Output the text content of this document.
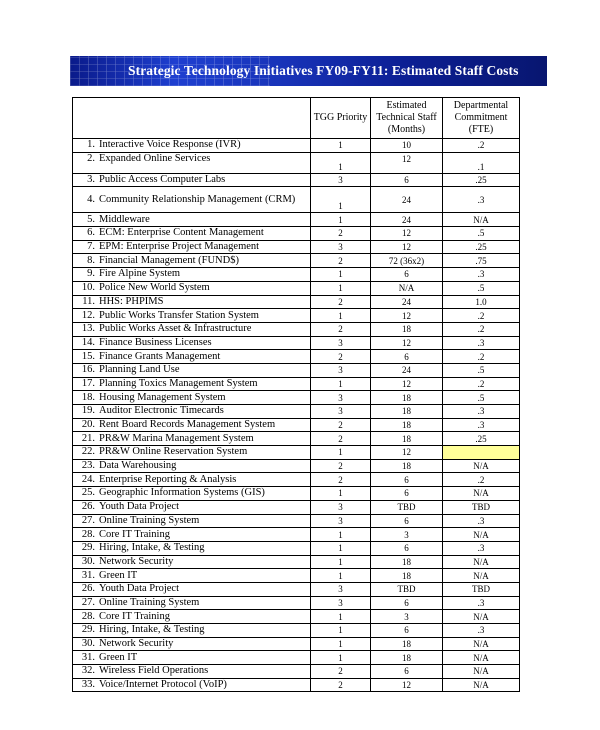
Strategic Technology Initiatives FY09-FY11: Estimated Staff Costs
	TGG Priority	Estimated Technical Staff (Months)	Departmental Commitment (FTE)
1. Interactive Voice Response (IVR)	1	10	.2
2. Expanded Online Services	1	12	.1
3. Public Access Computer Labs	3	6	.25
4. Community Relationship Management (CRM)	1	24	.3
5. Middleware	1	24	N/A
6. ECM: Enterprise Content Management	2	12	.5
7. EPM: Enterprise Project Management	3	12	.25
8. Financial Management (FUND$)	2	72 (36x2)	.75
9. Fire Alpine System	1	6	.3
10. Police New World System	1	N/A	.5
11. HHS: PHPIMS	2	24	1.0
12. Public Works Transfer Station System	1	12	.2
13. Public Works Asset & Infrastructure	2	18	.2
14. Finance Business Licenses	3	12	.3
15. Finance Grants Management	2	6	.2
16. Planning Land Use	3	24	.5
17. Planning Toxics Management System	1	12	.2
18. Housing Management System	3	18	.5
19. Auditor Electronic Timecards	3	18	.3
20. Rent Board Records Management System	2	18	.3
21. PR&W Marina Management System	2	18	.25
22. PR&W Online Reservation System	1	12	
23. Data Warehousing	2	18	N/A
24. Enterprise Reporting & Analysis	2	6	.2
25. Geographic Information Systems (GIS)	1	6	N/A
26. Youth Data Project	3	TBD	TBD
27. Online Training System	3	6	.3
28. Core IT Training	1	3	N/A
29. Hiring, Intake, & Testing	1	6	.3
30. Network Security	1	18	N/A
31. Green IT	1	18	N/A
26. Youth Data Project	3	TBD	TBD
27. Online Training System	3	6	.3
28. Core IT Training	1	3	N/A
29. Hiring, Intake, & Testing	1	6	.3
30. Network Security	1	18	N/A
31. Green IT	1	18	N/A
32. Wireless Field Operations	2	6	N/A
33. Voice/Internet Protocol (VoIP)	2	12	N/A
